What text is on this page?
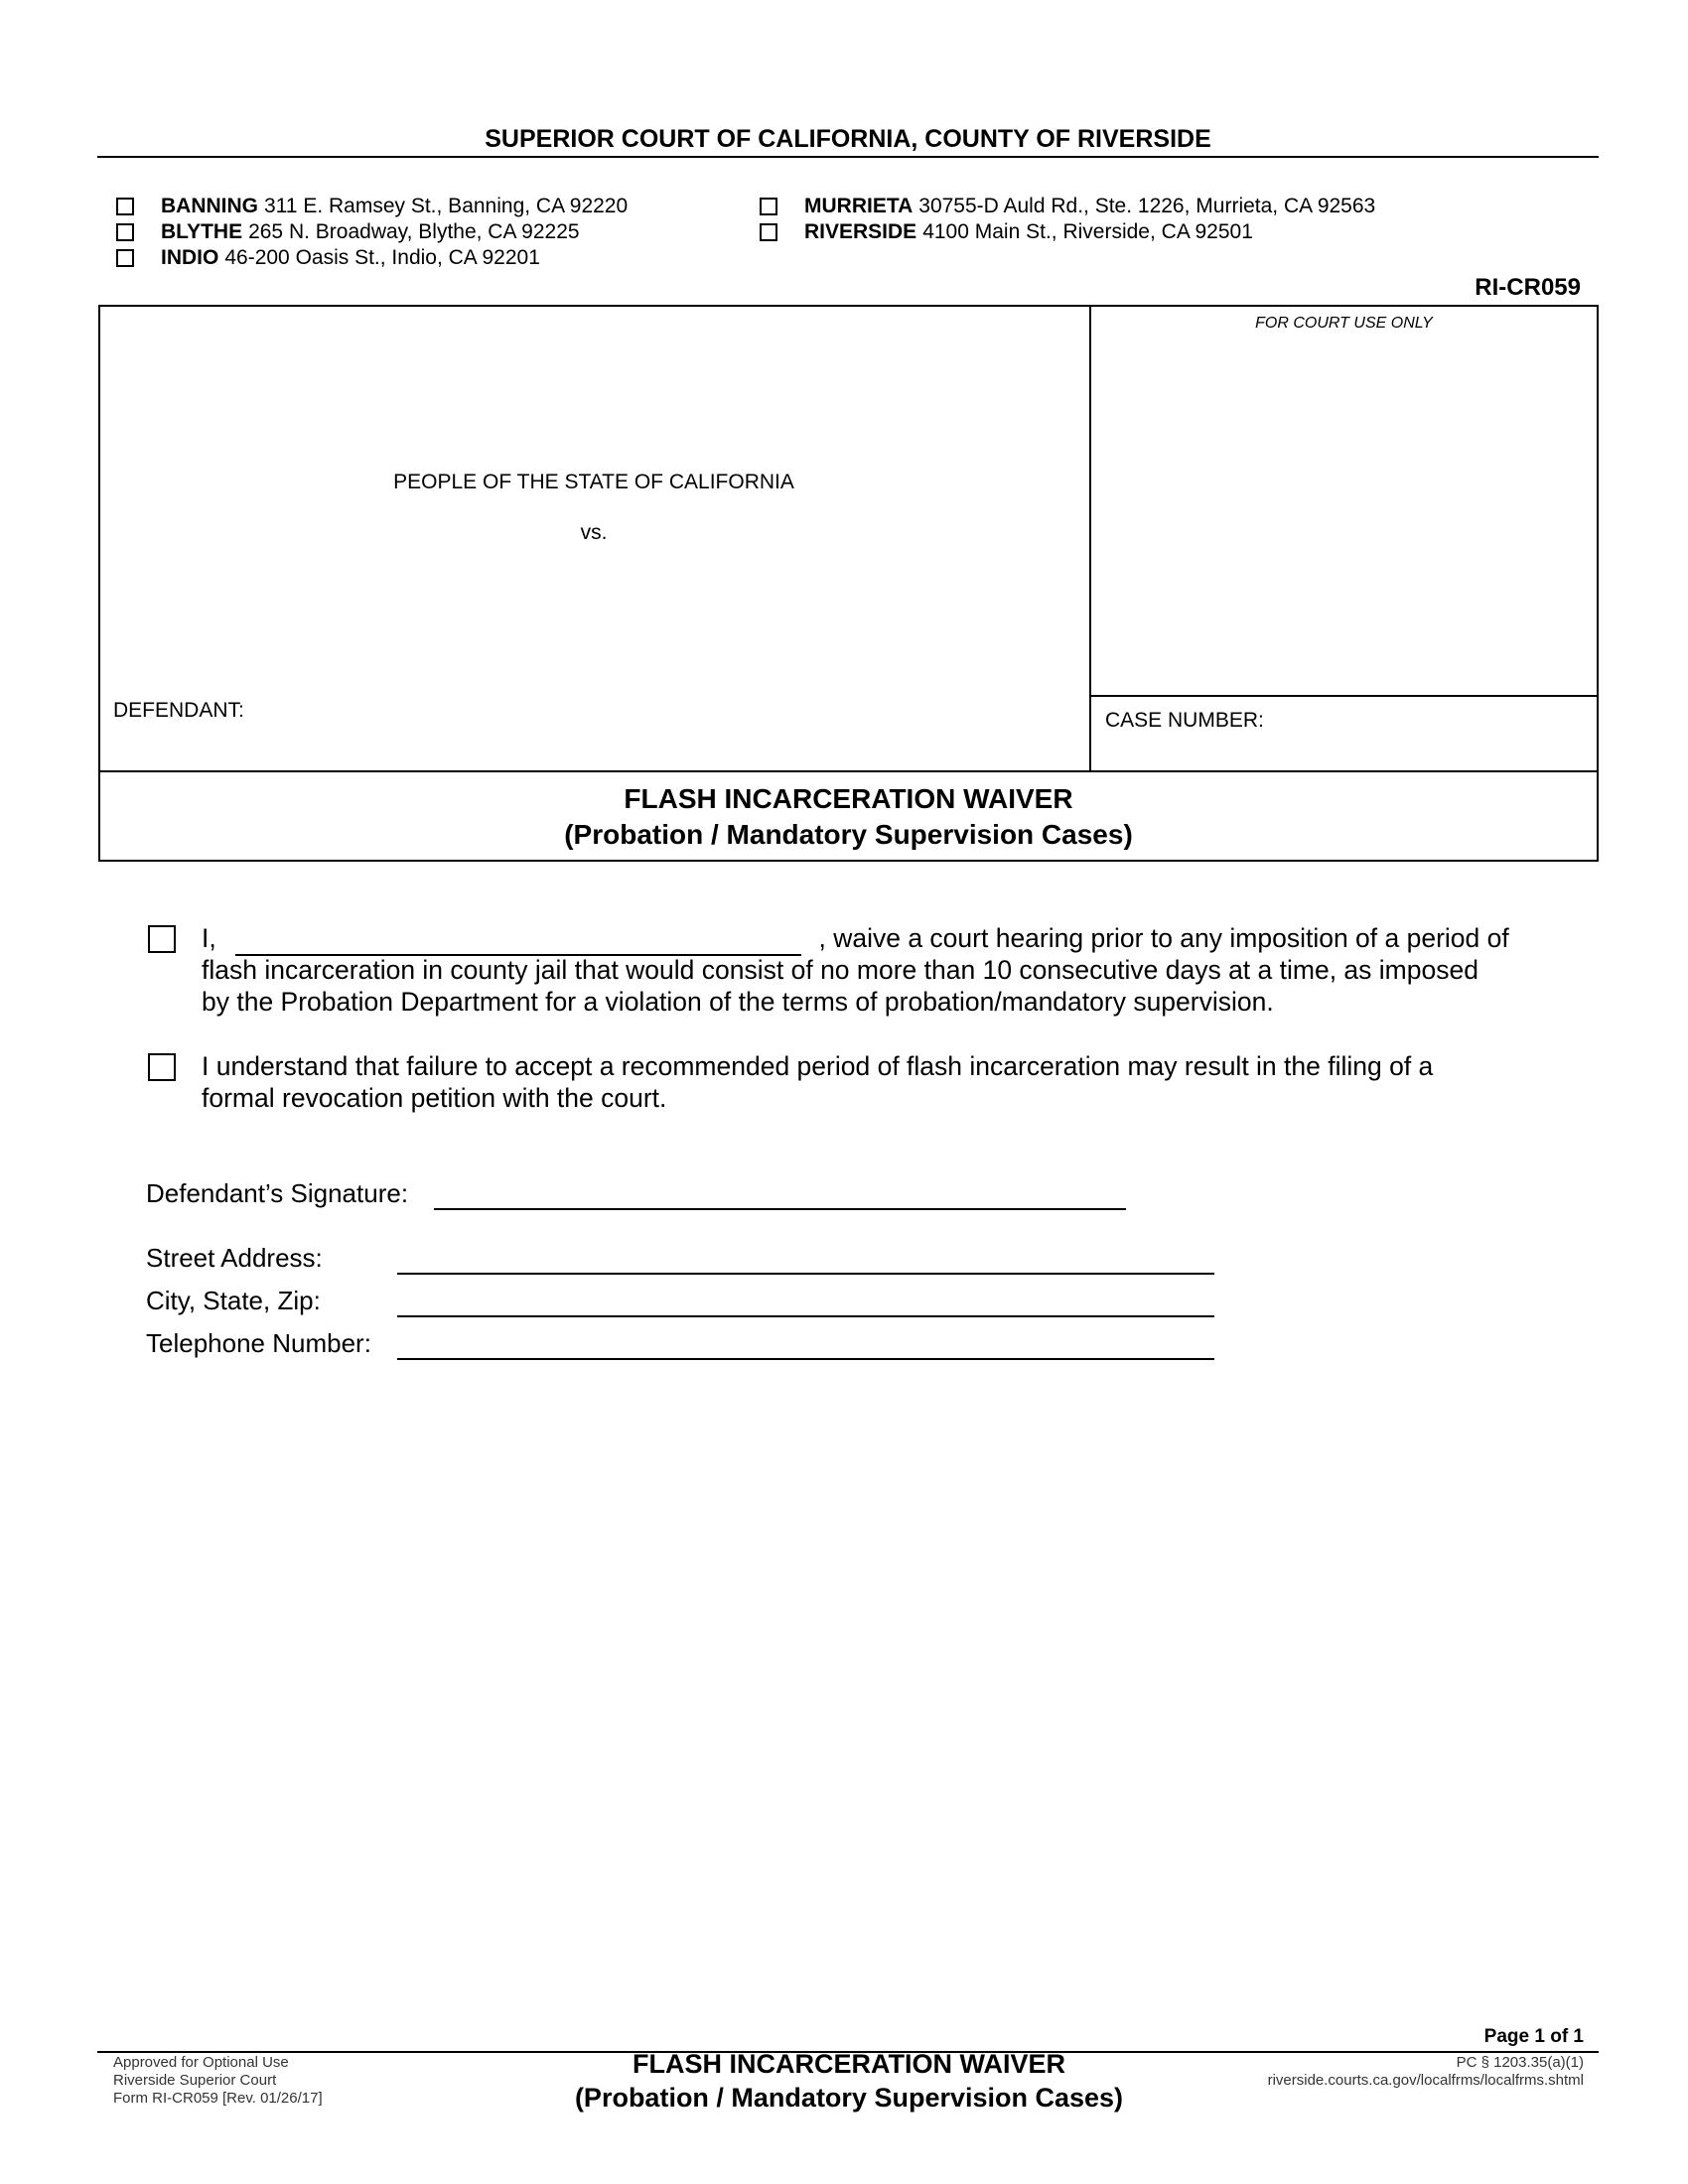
SUPERIOR COURT OF CALIFORNIA, COUNTY OF RIVERSIDE
BANNING 311 E. Ramsey St., Banning, CA 92220
BLYTHE 265 N. Broadway, Blythe, CA 92225
INDIO 46-200 Oasis St., Indio, CA 92201
MURRIETA 30755-D Auld Rd., Ste. 1226, Murrieta, CA 92563
RIVERSIDE 4100 Main St., Riverside, CA 92501
RI-CR059
FOR COURT USE ONLY
PEOPLE OF THE STATE OF CALIFORNIA
vs.
DEFENDANT:	CASE NUMBER:
FLASH INCARCERATION WAIVER
(Probation / Mandatory Supervision Cases)
I,	, waive a court hearing prior to any imposition of a period of
flash incarceration in county jail that would consist of no more than 10 consecutive days at a time, as imposed
by the Probation Department for a violation of the terms of probation/mandatory supervision.
I understand that failure to accept a recommended period of flash incarceration may result in the filing of a
formal revocation petition with the court.
Defendant’s Signature:
Street Address:
City, State, Zip:
Telephone Number:
Page 1 of 1
Approved for Optional Use
Riverside Superior Court
Form RI-CR059 [Rev. 01/26/17]
FLASH INCARCERATION WAIVER
(Probation / Mandatory Supervision Cases)
PC § 1203.35(a)(1)
riverside.courts.ca.gov/localfrms/localfrms.shtml
